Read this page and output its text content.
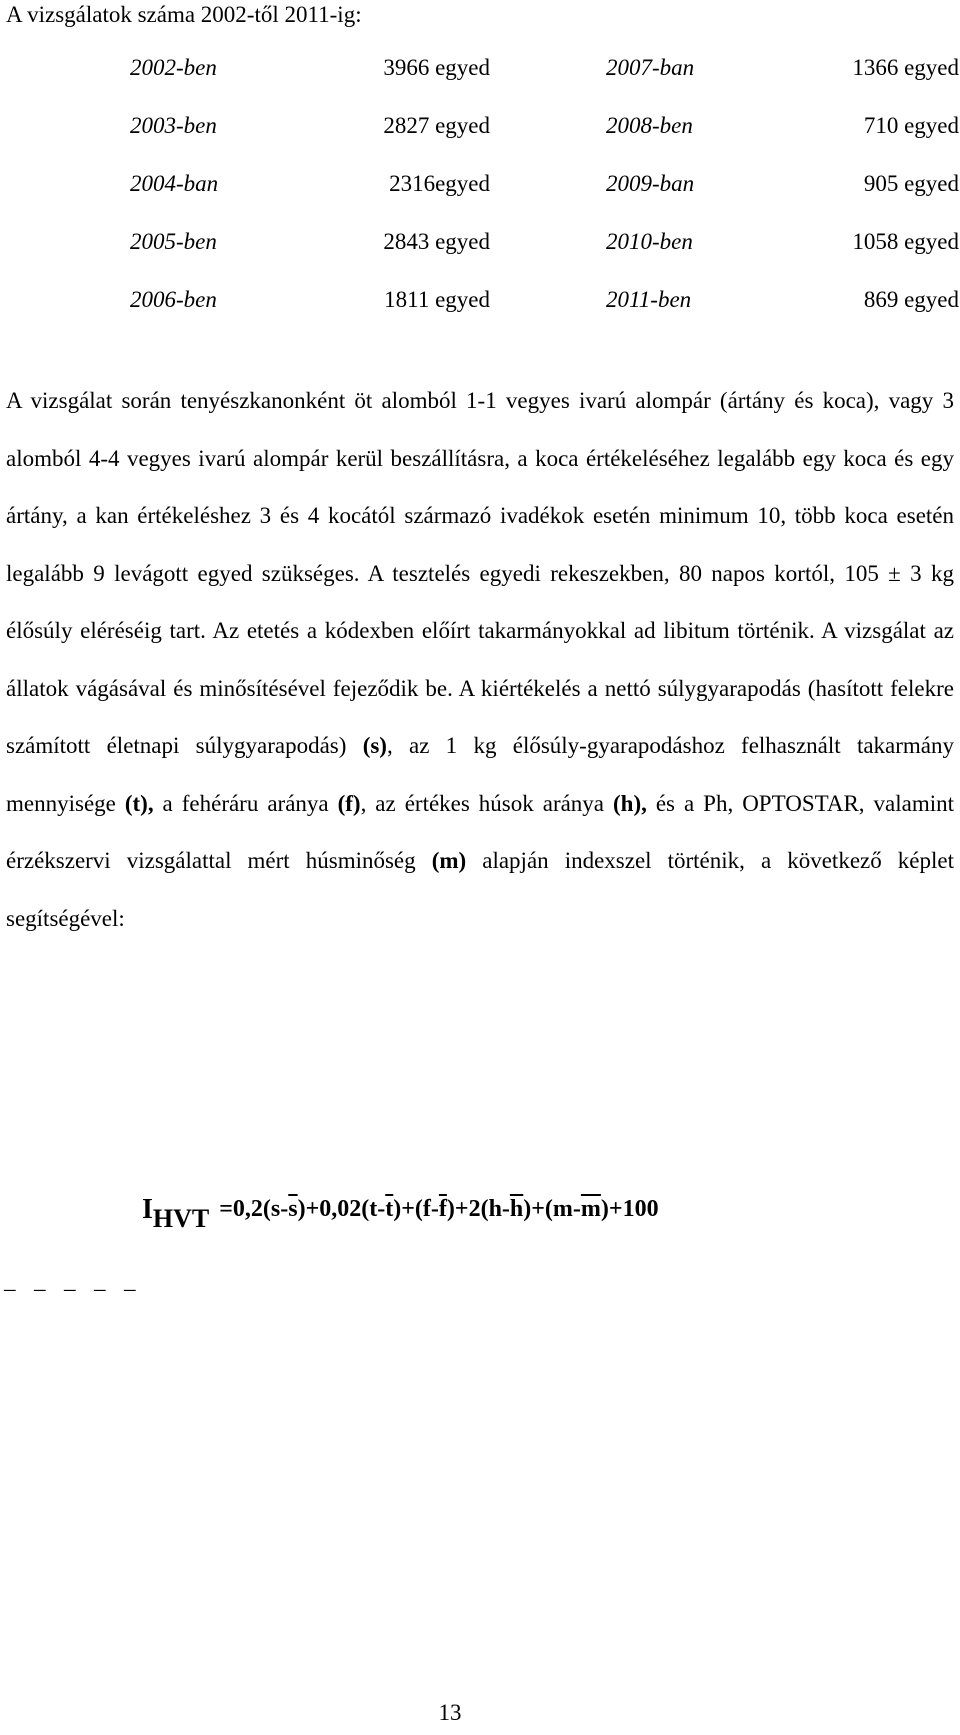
A vizsgálatok száma 2002-től 2011-ig:
2002-ben	3966 egyed	2007-ban	1366 egyed
2003-ben	2827 egyed	2008-ben	710 egyed
2004-ban	2316egyed	2009-ban	905 egyed
2005-ben	2843 egyed	2010-ben	1058 egyed
2006-ben	1811 egyed	2011-ben	869 egyed

A vizsgálat során tenyészkanonként öt alomból 1-1 vegyes ivarú alompár (ártány és koca), vagy 3 alomból 4-4 vegyes ivarú alompár kerül beszállításra, a koca értékeléséhez legalább egy koca és egy ártány, a kan értékeléshez 3 és 4 kocától származó ivadékok esetén minimum 10, több koca esetén legalább 9 levágott egyed szükséges. A tesztelés egyedi rekeszekben, 80 napos kortól, 105 ± 3 kg élősúly eléréséig tart. Az etetés a kódexben előírt takarmányokkal ad libitum történik. A vizsgálat az állatok vágásával és minősítésével fejeződik be. A kiértékelés a nettó súlygyarapodás (hasított felekre számított életnapi súlygyarapodás) (s), az 1 kg élősúly-gyarapodáshoz felhasznált takarmány mennyisége (t), a fehéráru aránya (f), az értékes húsok aránya (h), és a Ph, OPTOSTAR, valamint érzékszervi vizsgálattal mért húsminőség (m) alapján indexszel történik, a következő képlet segítségével:

IHVT $=0,2(s-\overline{s})+0,02(t-\overline{t})+(f-\overline{f})+2(h-\overline{h})+(m-\overline{m})+100$
_ _ _ _ _
13
